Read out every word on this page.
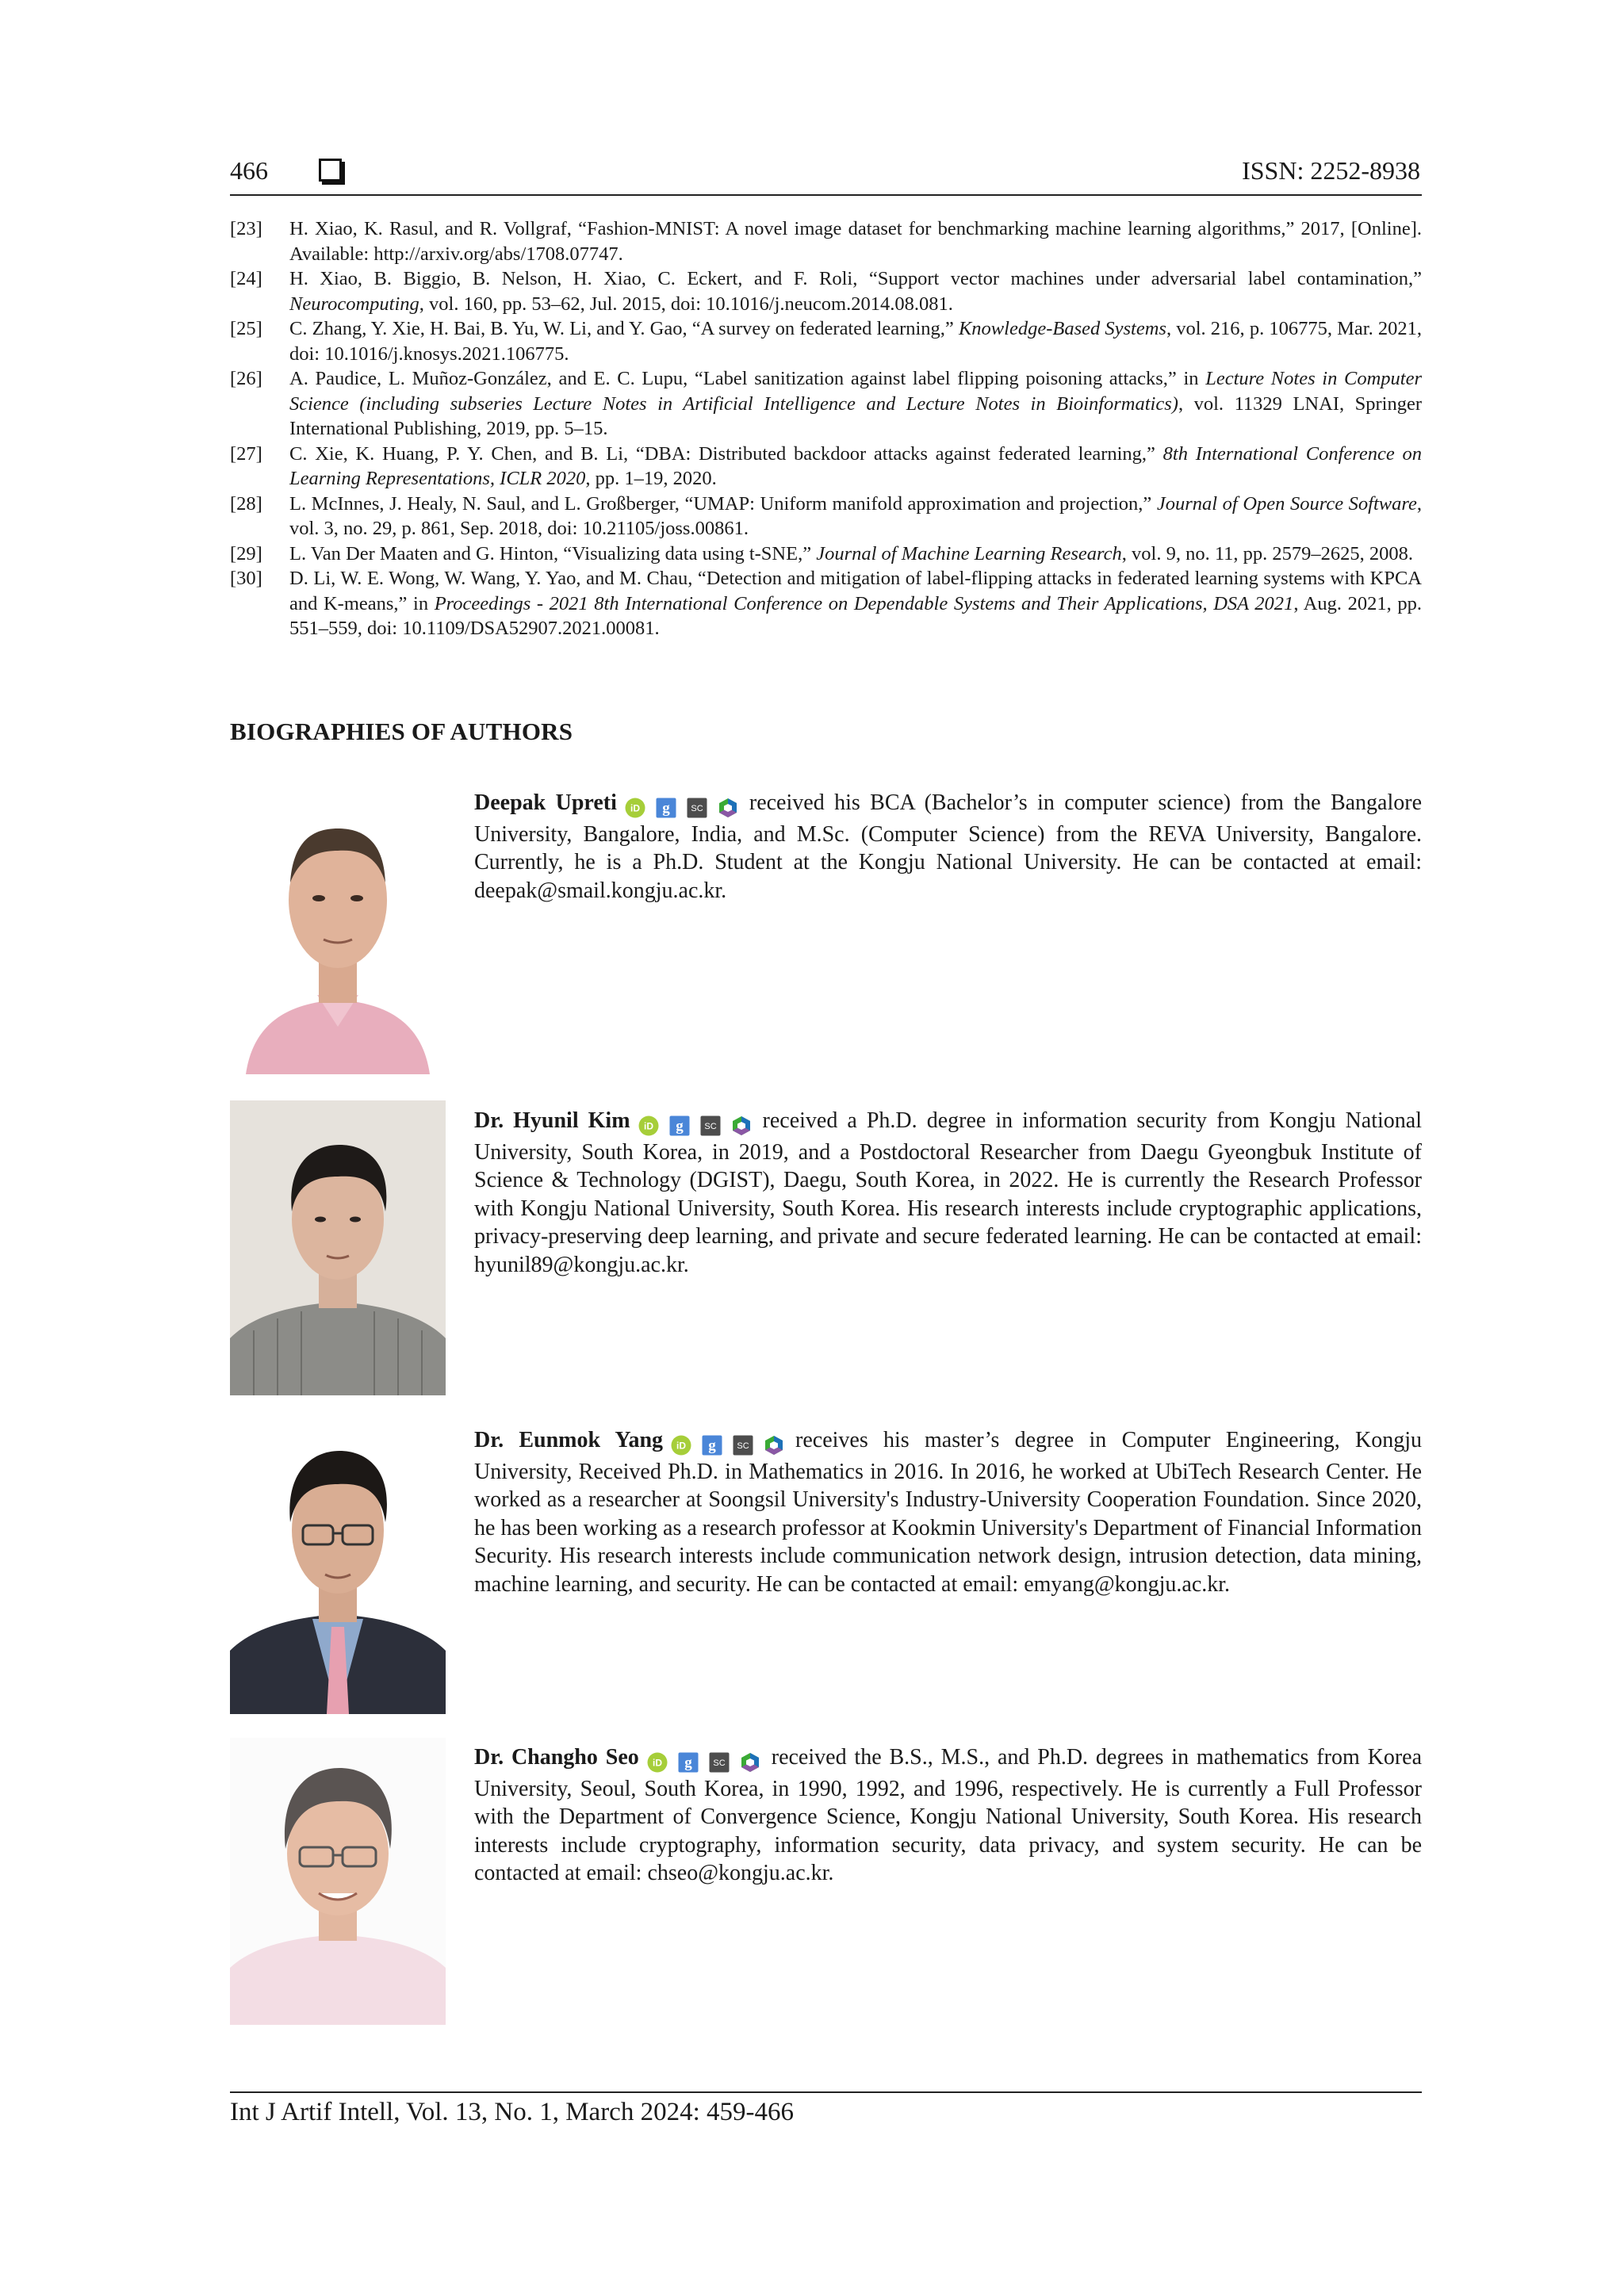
466	ISSN: 2252-8938
[23]	H. Xiao, K. Rasul, and R. Vollgraf, “Fashion-MNIST: A novel image dataset for benchmarking machine learning algorithms,” 2017, [Online]. Available: http://arxiv.org/abs/1708.07747.
[24]	H. Xiao, B. Biggio, B. Nelson, H. Xiao, C. Eckert, and F. Roli, “Support vector machines under adversarial label contamination,” Neurocomputing, vol. 160, pp. 53–62, Jul. 2015, doi: 10.1016/j.neucom.2014.08.081.
[25]	C. Zhang, Y. Xie, H. Bai, B. Yu, W. Li, and Y. Gao, “A survey on federated learning,” Knowledge-Based Systems, vol. 216, p. 106775, Mar. 2021, doi: 10.1016/j.knosys.2021.106775.
[26]	A. Paudice, L. Muñoz-González, and E. C. Lupu, “Label sanitization against label flipping poisoning attacks,” in Lecture Notes in Computer Science (including subseries Lecture Notes in Artificial Intelligence and Lecture Notes in Bioinformatics), vol. 11329 LNAI, Springer International Publishing, 2019, pp. 5–15.
[27]	C. Xie, K. Huang, P. Y. Chen, and B. Li, “DBA: Distributed backdoor attacks against federated learning,” 8th International Conference on Learning Representations, ICLR 2020, pp. 1–19, 2020.
[28]	L. McInnes, J. Healy, N. Saul, and L. Großberger, “UMAP: Uniform manifold approximation and projection,” Journal of Open Source Software, vol. 3, no. 29, p. 861, Sep. 2018, doi: 10.21105/joss.00861.
[29]	L. Van Der Maaten and G. Hinton, “Visualizing data using t-SNE,” Journal of Machine Learning Research, vol. 9, no. 11, pp. 2579–2625, 2008.
[30]	D. Li, W. E. Wong, W. Wang, Y. Yao, and M. Chau, “Detection and mitigation of label-flipping attacks in federated learning systems with KPCA and K-means,” in Proceedings - 2021 8th International Conference on Dependable Systems and Their Applications, DSA 2021, Aug. 2021, pp. 551–559, doi: 10.1109/DSA52907.2021.00081.
BIOGRAPHIES OF AUTHORS
Deepak Upreti iD g SC received his BCA (Bachelor’s in computer science) from the Bangalore University, Bangalore, India, and M.Sc. (Computer Science) from the REVA University, Bangalore. Currently, he is a Ph.D. Student at the Kongju National University. He can be contacted at email: deepak@smail.kongju.ac.kr.
Dr. Hyunil Kim iD g SC received a Ph.D. degree in information security from Kongju National University, South Korea, in 2019, and a Postdoctoral Researcher from Daegu Gyeongbuk Institute of Science & Technology (DGIST), Daegu, South Korea, in 2022. He is currently the Research Professor with Kongju National University, South Korea. His research interests include cryptographic applications, privacy-preserving deep learning, and private and secure federated learning. He can be contacted at email: hyunil89@kongju.ac.kr.
Dr. Eunmok Yang iD g SC receives his master’s degree in Computer Engineering, Kongju University, Received Ph.D. in Mathematics in 2016. In 2016, he worked at UbiTech Research Center. He worked as a researcher at Soongsil University's Industry-University Cooperation Foundation. Since 2020, he has been working as a research professor at Kookmin University's Department of Financial Information Security. His research interests include communication network design, intrusion detection, data mining, machine learning, and security. He can be contacted at email: emyang@kongju.ac.kr.
Dr. Changho Seo iD g SC received the B.S., M.S., and Ph.D. degrees in mathematics from Korea University, Seoul, South Korea, in 1990, 1992, and 1996, respectively. He is currently a Full Professor with the Department of Convergence Science, Kongju National University, South Korea. His research interests include cryptography, information security, data privacy, and system security. He can be contacted at email: chseo@kongju.ac.kr.
Int J Artif Intell, Vol. 13, No. 1, March 2024: 459-466
